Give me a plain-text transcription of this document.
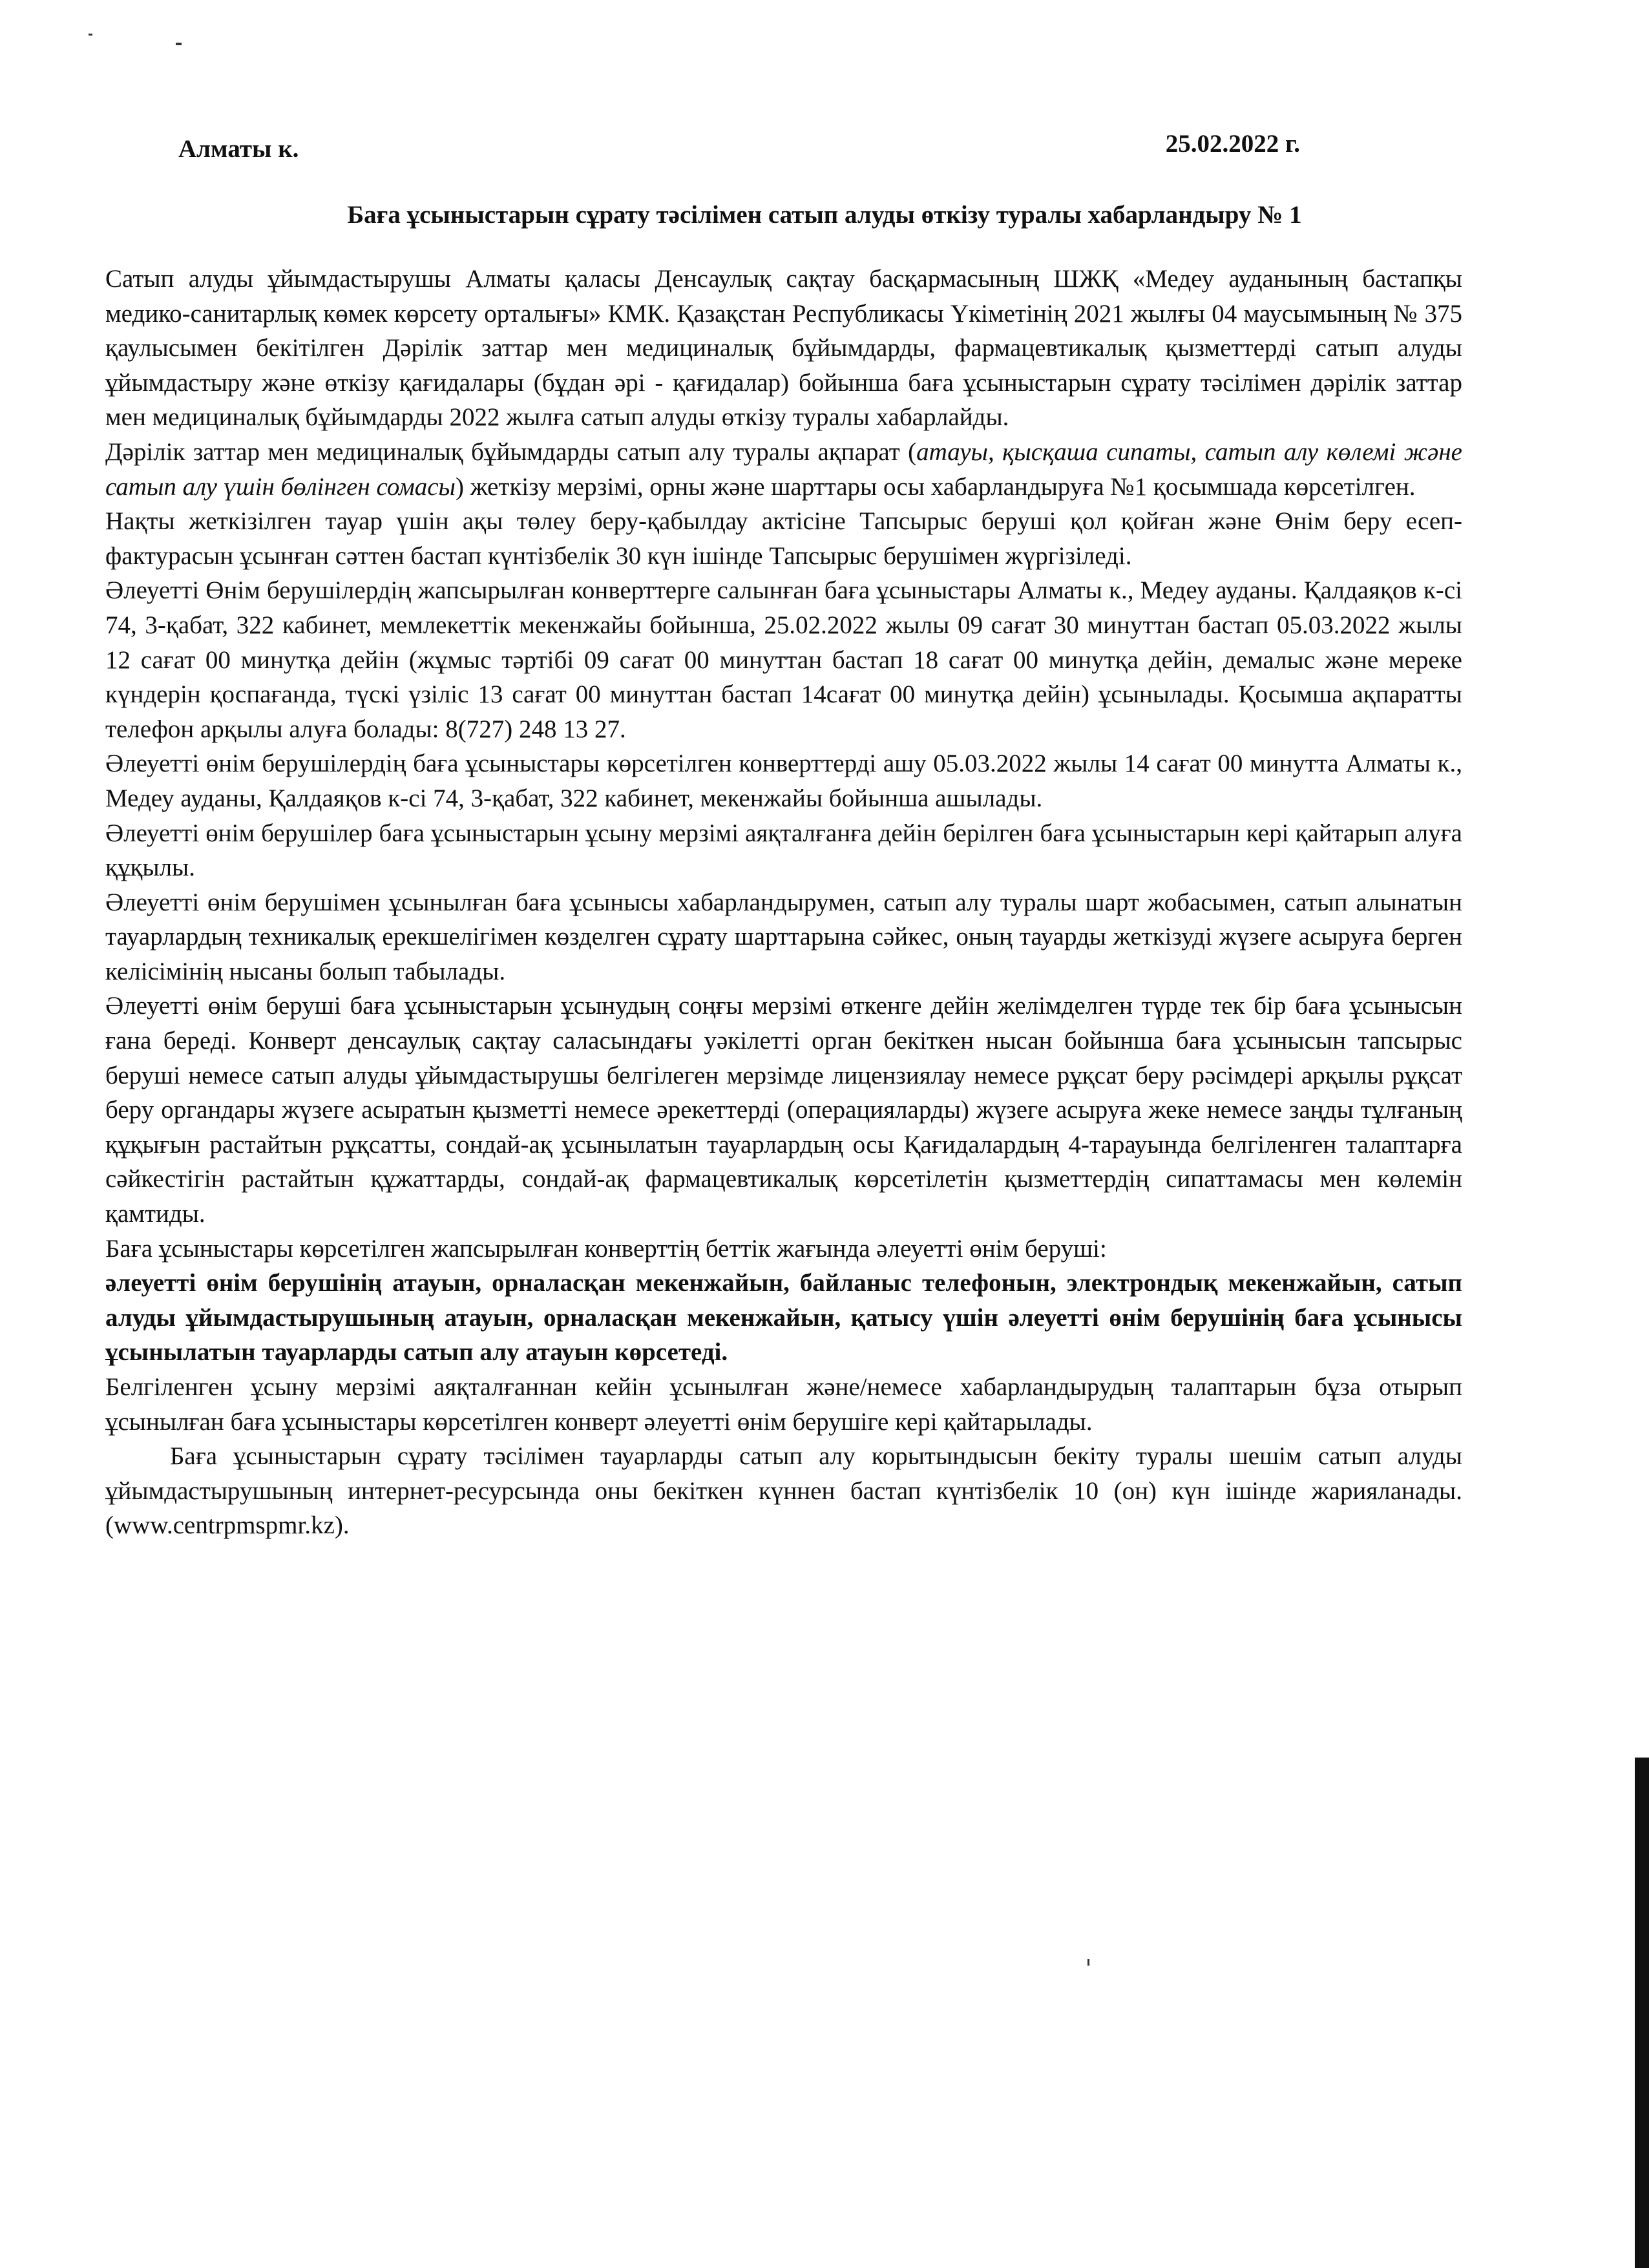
Алматы к.	25.02.2022 г.
Баға ұсыныстарын сұрату тәсілімен сатып алуды өткізу туралы хабарландыру № 1

Сатып алуды ұйымдастырушы Алматы қаласы Денсаулық сақтау басқармасының ШЖҚ «Медеу ауданының бастапқы медико-санитарлық көмек көрсету орталығы» КМК. Қазақстан Республикасы Үкіметінің 2021 жылғы 04 маусымының № 375 қаулысымен бекітілген Дәрілік заттар мен медициналық бұйымдарды, фармацевтикалық қызметтерді сатып алуды ұйымдастыру және өткізу қағидалары (бұдан әрі - қағидалар) бойынша баға ұсыныстарын сұрату тәсілімен дәрілік заттар мен медициналық бұйымдарды 2022 жылға сатып алуды өткізу туралы хабарлайды.

Дәрілік заттар мен медициналық бұйымдарды сатып алу туралы ақпарат (атауы, қысқаша сипаты, сатып алу көлемі және сатып алу үшін бөлінген сомасы) жеткізу мерзімі, орны және шарттары осы хабарландыруға №1 қосымшада көрсетілген.

Нақты жеткізілген тауар үшін ақы төлеу беру-қабылдау актісіне Тапсырыс беруші қол қойған және Өнім беру есеп-фактурасын ұсынған сәттен бастап күнтізбелік 30 күн ішінде Тапсырыс берушімен жүргізіледі.

Әлеуетті Өнім берушілердің жапсырылған конверттерге салынған баға ұсыныстары Алматы к., Медеу ауданы. Қалдаяқов к-сі 74, 3-қабат, 322 кабинет, мемлекеттік мекенжайы бойынша, 25.02.2022 жылы 09 сағат 30 минуттан бастап 05.03.2022 жылы 12 сағат 00 минутқа дейін (жұмыс тәртібі 09 сағат 00 минуттан бастап 18 сағат 00 минутқа дейін, демалыс және мереке күндерін қоспағанда, түскі үзіліс 13 сағат 00 минуттан бастап 14сағат 00 минутқа дейін) ұсынылады. Қосымша ақпаратты телефон арқылы алуға болады: 8(727) 248 13 27.

Әлеуетті өнім берушілердің баға ұсыныстары көрсетілген конверттерді ашу 05.03.2022 жылы 14 сағат 00 минутта Алматы к., Медеу ауданы, Қалдаяқов к-сі 74, 3-қабат, 322 кабинет, мекенжайы бойынша ашылады.

Әлеуетті өнім берушілер баға ұсыныстарын ұсыну мерзімі аяқталғанға дейін берілген баға ұсыныстарын кері қайтарып алуға құқылы.

Әлеуетті өнім берушімен ұсынылған баға ұсынысы хабарландырумен, сатып алу туралы шарт жобасымен, сатып алынатын тауарлардың техникалық ерекшелігімен көзделген сұрату шарттарына сәйкес, оның тауарды жеткізуді жүзеге асыруға берген келісімінің нысаны болып табылады.

Әлеуетті өнім беруші баға ұсыныстарын ұсынудың соңғы мерзімі өткенге дейін желімделген түрде тек бір баға ұсынысын ғана береді. Конверт денсаулық сақтау саласындағы уәкілетті орган бекіткен нысан бойынша баға ұсынысын тапсырыс беруші немесе сатып алуды ұйымдастырушы белгілеген мерзімде лицензиялау немесе рұқсат беру рәсімдері арқылы рұқсат беру органдары жүзеге асыратын қызметті немесе әрекеттерді (операцияларды) жүзеге асыруға жеке немесе заңды тұлғаның құқығын растайтын рұқсатты, сондай-ақ ұсынылатын тауарлардың осы Қағидалардың 4-тарауында белгіленген талаптарға сәйкестігін растайтын құжаттарды, сондай-ақ фармацевтикалық көрсетілетін қызметтердің сипаттамасы мен көлемін қамтиды.

Баға ұсыныстары көрсетілген жапсырылған конверттің беттік жағында әлеуетті өнім беруші:

әлеуетті өнім берушінің атауын, орналасқан мекенжайын, байланыс телефонын, электрондық мекенжайын, сатып алуды ұйымдастырушының атауын, орналасқан мекенжайын, қатысу үшін әлеуетті өнім берушінің баға ұсынысы ұсынылатын тауарларды сатып алу атауын көрсетеді.

Белгіленген ұсыну мерзімі аяқталғаннан кейін ұсынылған және/немесе хабарландырудың талаптарын бұза отырып ұсынылған баға ұсыныстары көрсетілген конверт әлеуетті өнім берушіге кері қайтарылады.

Баға ұсыныстарын сұрату тәсілімен тауарларды сатып алу корытындысын бекіту туралы шешім сатып алуды ұйымдастырушының интернет-ресурсында оны бекіткен күннен бастап күнтізбелік 10 (он) күн ішінде жарияланады. (www.centrpmspmr.kz).
